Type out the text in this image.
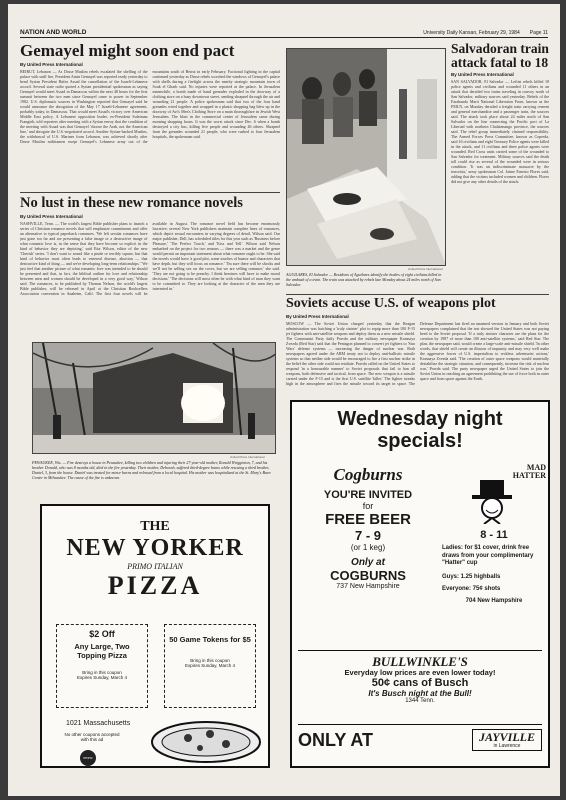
NATION AND WORLD	University Daily Kansan, February 29, 1984 Page 11
Gemayel might soon end pact
By United Press International
BEIRUT, Lebanon — As Druse Muslim rebels escalated the shelling of the palace with sniff fire, President Amin Gemayel was reported ready yesterday to bend Syrian President Hafez Assad the cancellation of the Israeli-Lebanese accord. Several state radio quoted a Syrian presidential spokesman as saying Gemayel would meet Assad in Damascus within the next 48 hours for the first summit between the two men since Gemayel came to power in September 1982. U.S. diplomatic sources in Washington reported that Gemayel said he would announce the abrogation of the May 17 Israeli-Lebanese agreement, probably today, in Damascus. That would meet Assad's victory over American Middle East policy. A Lebanese opposition leader, ex-President Suleiman Frangieh, told reporters after meeting with a Syrian envoy that the condition of the meeting with Assad was that Gemayel 'choose the Arab, not the American line,' and abrogate the U.S.-negotiated accord. Another Syrian-backed Muslim, the withdrawal of U.S. Marines from Lebanon, was achieved shortly after Druse Muslim militiamen swept Gemayel's Lebanese army out of the mountains south of Beirut in early February. Factional fighting in the capital continued yesterday as Druse rebels scorched the windows of Gemayel's palace with shells during a firefight across the nearby strategic mountain town of Souk el Gharb said. No injuries were reported at the palace. In Jerusalem meanwhile, a bomb made of hand grenades exploded in the doorway of a clothing store on a busy downtown street, sending shrapnel through the air and wounding 21 people. A police spokesman said that two of the four hand grenades wired together and wrapped in a plastic shopping bag blew up in the doorway of Avi's Men's Clothing Store on a main thoroughfare in Jewish West Jerusalem. The blast in the commercial center of Jerusalem came during morning shopping hours. It was the worst attack since Dec. 6 when a bomb destroyed a city bus, killing five people and wounding 46 others. Shrapnel from the grenades wounded 21 people, who were rushed to four Jerusalem hospitals, the spokesman said.
No lust in these new romance novels
By United Press International
NASHVILLE, Tenn. — The world's largest Bible publisher plans to launch a series of Christian romance novels that will emphasize commitment and offer an alternative to typical paperback romances. 'We felt secular romances have just gone too far and are presenting a false image or a destructive image of what romantic love is, in the sense that they have become so explicit in the kind of behavior they are depicting,' said Etta Wilson, editor of the new 'Cherish' series. 'I don't want to sound like a prude or terribly square, but that kind of behavior most often leads to venereal disease, abortion — that destructive kind of thing — and we're developing long-term relationships.' 'We just feel that another picture of what romantic love was intended to be should be presented and that, in fact, the biblical outline for love and relationship between men and women should be developed in a very good way,' Wilson said. The romances, to be published by Thomas Nelson, the world's largest Bible publisher, will be released in April at the Christian Booksellers Association convention in Anaheim, Calif. The first four novels will be available in August. The romance novel field has become enormously lucrative; several New York publishers maintain complete lines of romances, which depict sexual encounters in varying degrees of detail, Wilson said. Our major publisher, Dell, has scheduled titles for this year such as 'Business before Pleasure,' 'The Perfect Touch,' and 'Kiss and Tell.' Wilson said Nelson embarked on the project for two reasons — there was a market and the genre would permit an important statement about what romance ought to be. She said the novels would have 'a good plot, some touches of humor and characters that have depth, but they will focus on romance.' 'I'm sure there will be shocks and we'll not be selling sex on the cover, but we are selling romance,' she said. 'They are not going to be preachy. I think heroines will have to make moral decisions.' 'The decisions will most often be with what kind of man they want to be committed to. They are looking at the character of the men they are interested in.'
United Press International
AGUILARES, El Salvador — Residents of Aguilares identify the bodies of eight civilians killed in the ambush of a train. The train was attacked by rebels late Monday about 24 miles north of San Salvador.
Salvadoran train attack fatal to 18
By United Press International
SAN SALVADOR, El Salvador — Leftist rebels killed 18 police agents and civilians and wounded 11 others in an attack that derailed two trains traveling in convoy north of San Salvador, military sources said yesterday. Rebels of the Farabundo Marti National Liberation Front, known as the FMLN, on Monday derailed a freight train carrying cement and general merchandise and a passenger train, the sources said. The attack took place about 24 miles north of San Salvador on the line connecting the Pacific port of La Libertad with northern Chalatenango province, the sources said. The rebel group immediately claimed responsibility. The Armed Forces Press Committee, known as Copreda, said 16 civilians and eight Treasury Police agents were killed in the attack, and 11 civilians and three police agents were wounded. Red Cross units carried some of the wounded to San Salvador for treatment. Military sources said the death toll could rise as several of the wounded were in serious condition. 'It was an indiscriminate massacre by the terrorists,' army spokesman Col. Jaime Ernesto Flores said, adding that the victims included women and children. Flores did not give any other details of the attack.
Soviets accuse U.S. of weapons plot
By United Press International
MOSCOW — The Soviet Union charged yesterday that the Reagan administration was hatching a 'truly sinister' plot to equip more than 100 F-15 jet fighters with anti-satellite weapons and deploy them as a new missile shield. The Communist Party daily Pravda and the military newspaper Krasnaya Zvezda (Red Star) said that the Pentagon planned to convert jet fighters to 'Star Wars' defense systems — increasing the danger of nuclear war. Both newspapers agreed under the ABM treaty not to deploy anti-ballistic missile systems so that neither side would be encouraged to fire a first nuclear strike in the belief the other side could not retaliate. Pravda called on the United States to respond 'in a honourable manner' to Soviet proposals that fail to ban all weapons, both defensive and tactical, from space. The new weapon is a missile carried under the F-15 and is the first U.S. satellite 'killer.' The fighter streaks high in the atmosphere and fires the missile toward its target in space. The Defense Department last fired an unarmed version in January and both Soviet newspapers complained that the test showed the United States was not paying heed to the Soviet proposal. 'If a truly sinister character are the plans for the creation by 1987 of more than 100 anti-satellite systems,' said Red Star. The plan, the newspaper said, would create a large-scale anti-missile shield. 'In other words, that shield will create an illusion of impunity and may very well make the aggressive forces of U.S. imperialism to reckless adventurist actions,' Krasnaya Zvezda said. 'The creation of outer space weapons would materially destabilize the strategic situation, and consequently, increase the risk of nuclear war,' Pravda said. The party newspaper urged the United States to join the Soviet Union in reaching an agreement prohibiting the use of force both in outer space and from space against the Earth.
United Press International
PEWAUKEE, Wis. — Fire destroys a house in Pewaukee, killing two children and injuring their 27-year-old mother, Ronald Wrigginton, 7, and his brother Donald, who was 8 months old, died in the fire yesterday. Their mother, Deborah, suffered third-degree burns while rescuing a third brother, Daniel, 3, from the house. Daniel was treated for minor burns and released from a local hospital. His mother was hospitalized at the St. Mary's Burn Center in Milwaukee. The cause of the fire is unknown.
THE
NEW YORKER
PRIMO ITALIAN
PIZZA
$2 Off
Any Large, Two Topping Pizza
Bring in this coupon
Expires Sunday, March 4
50 Game Tokens for $5
Bring in this coupon
Expires Sunday, March 4
1021 Massachusetts
No other coupons accepted with this ad
PEPSI
Wednesday night specials!
Cogburns
YOU'RE INVITED
for
FREE BEER
7 - 9
(or 1 keg)
Only at
COGBURNS
737 New Hampshire
MAD
HATTER
8 - 11
Ladies: for $1 cover, drink free draws from your complimentary "Hatter" cup
Guys: 1.25 highballs
Everyone: 75¢ shots
704 New Hampshire
BULLWINKLE'S
Everyday low prices are even lower today!
50¢ cans of Busch
It's Busch night at the Bull!
1344 Tenn.
ONLY AT	JAYVILLE
in Lawrence
